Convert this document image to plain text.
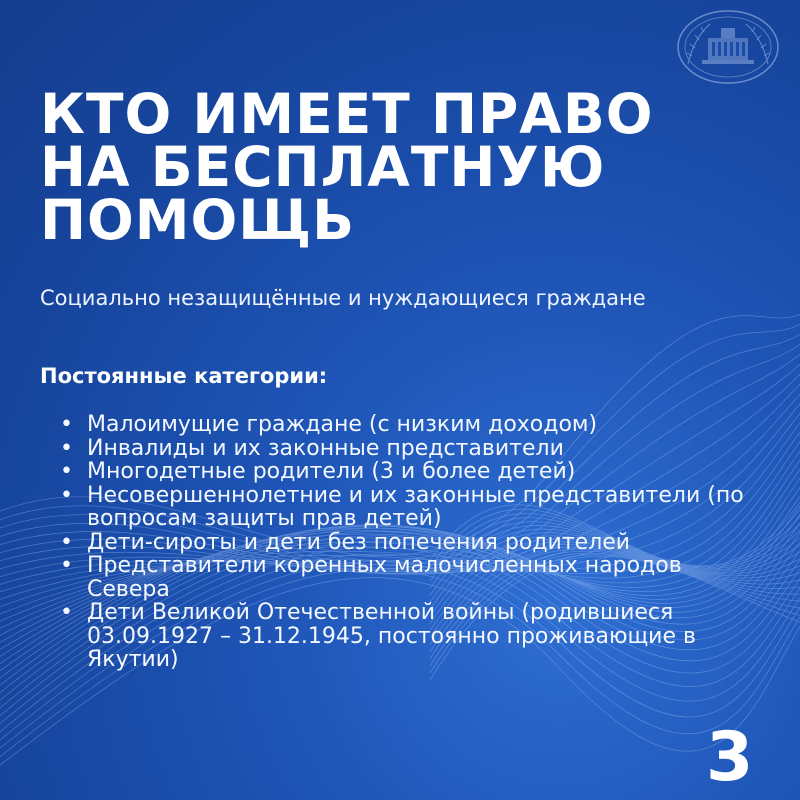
КТО ИМЕЕТ ПРАВО
НА БЕСПЛАТНУЮ
ПОМОЩЬ

Социально незащищённые и нуждающиеся граждане

Постоянные категории:
• Малоимущие граждане (с низким доходом)
• Инвалиды и их законные представители
• Многодетные родители (3 и более детей)
• Несовершеннолетние и их законные представители (по вопросам защиты прав детей)
• Дети-сироты и дети без попечения родителей
• Представители коренных малочисленных народов Севера
• Дети Великой Отечественной войны (родившиеся 03.09.1927 – 31.12.1945, постоянно проживающие в Якутии)
3
